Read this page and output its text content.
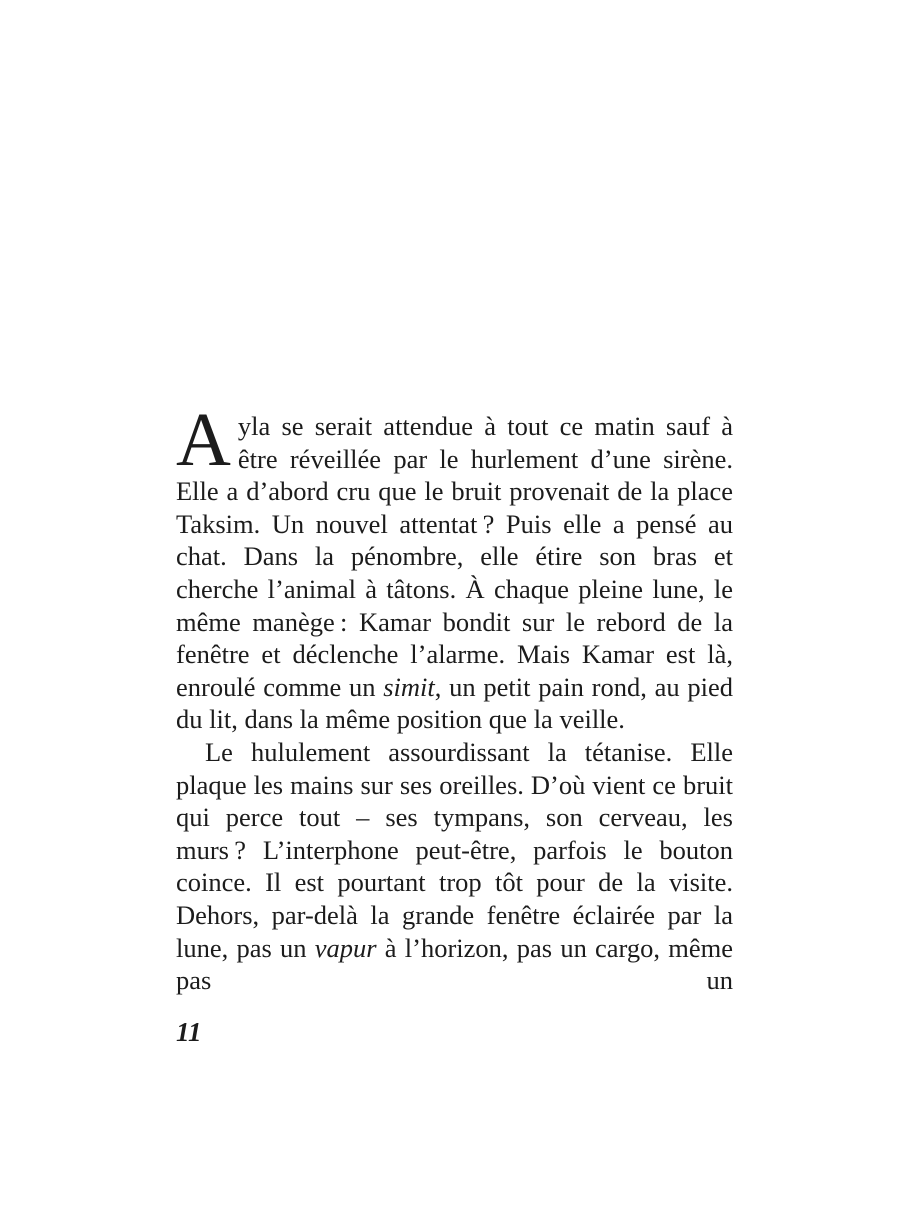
Ayla se serait attendue à tout ce matin sauf à être réveillée par le hurlement d’une sirène. Elle a d’abord cru que le bruit provenait de la place Taksim. Un nouvel attentat ? Puis elle a pensé au chat. Dans la pénombre, elle étire son bras et cherche l’animal à tâtons. À chaque pleine lune, le même manège : Kamar bondit sur le rebord de la fenêtre et déclenche l’alarme. Mais Kamar est là, enroulé comme un simit, un petit pain rond, au pied du lit, dans la même position que la veille.

Le hululement assourdissant la tétanise. Elle plaque les mains sur ses oreilles. D’où vient ce bruit qui perce tout – ses tympans, son cerveau, les murs ? L’interphone peut-être, parfois le bouton coince. Il est pourtant trop tôt pour de la visite. Dehors, par-delà la grande fenêtre éclairée par la lune, pas un vapur à l’horizon, pas un cargo, même pas un

11
